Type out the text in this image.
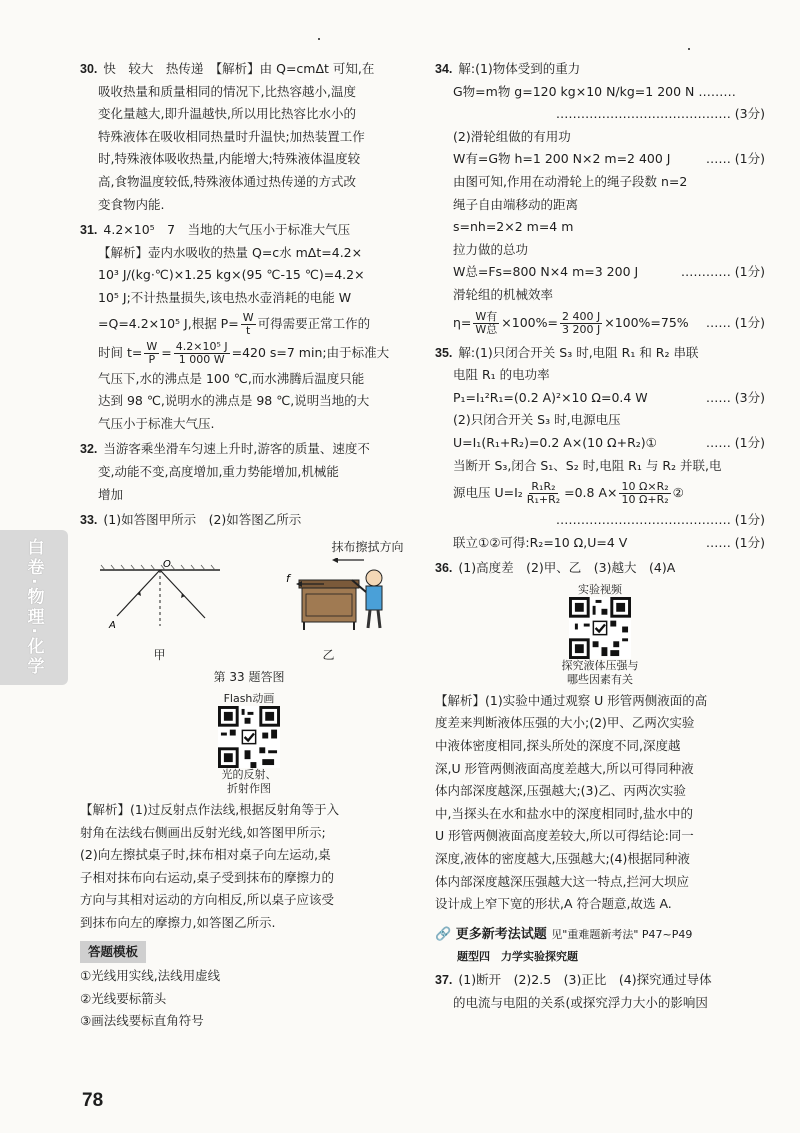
30. 快　较大　热传递　【解析】由 Q=cmΔt 可知,在

吸收热量和质量相同的情况下,比热容越小,温度

变化量越大,即升温越快,所以用比热容比水小的

特殊液体在吸收相同热量时升温快;加热装置工作

时,特殊液体吸收热量,内能增大;特殊液体温度较

高,食物温度较低,特殊液体通过热传递的方式改

变食物内能.

31. 4.2×10⁵　7　当地的大气压小于标准大气压

【解析】壶内水吸收的热量 Q=c水 mΔt=4.2×

10³ J/(kg·℃)×1.25 kg×(95 ℃-15 ℃)=4.2×

10⁵ J;不计热量损失,该电热水壶消耗的电能 W

=Q=4.2×10⁵ J,根据 $P= \frac{W}{t}$ 可得需要正常工作的

时间 $t= \frac{W}{P} = \frac{\text{4.2×10⁵ J}}{1 000 W} =420$ s=7 min;由于标准大

气压下,水的沸点是 100 ℃,而水沸腾后温度只能

达到 98 ℃,说明水的沸点是 98 ℃,说明当地的大

气压小于标准大气压.

32. 当游客乘坐滑车匀速上升时,游客的质量、速度不

变,动能不变,高度增加,重力势能增加,机械能

增加

33. (1)如答图甲所示　(2)如答图乙所示

O
A
甲
抹布擦拭方向
f
乙
第 33 题答图
Flash动画
光的反射、
折射作图

【解析】(1)过反射点作法线,根据反射角等于入

射角在法线右侧画出反射光线,如答图甲所示;

(2)向左擦拭桌子时,抹布相对桌子向左运动,桌

子相对抹布向右运动,桌子受到抹布的摩擦力的

方向与其相对运动的方向相反,所以桌子应该受

到抹布向左的摩擦力,如答图乙所示.

答题模板

①光线用实线,法线用虚线

②光线要标箭头

③画法线要标直角符号

34. 解:(1)物体受到的重力

G物=m物 g=120 kg×10 N/kg=1 200 N ………

…………………………………… (3分)

(2)滑轮组做的有用功

W有=G物 h=1 200 N×2 m=2 400 J	…… (1分)

由图可知,作用在动滑轮上的绳子段数 n=2

绳子自由端移动的距离

s=nh=2×2 m=4 m

拉力做的总功

W总=Fs=800 N×4 m=3 200 J	………… (1分)

滑轮组的机械效率

$\eta= \frac{\text{W有}}{\text{W总}} \times 100\%= \frac{2 400 J}{3 200 J} \times 100\%=75\%$ …… (1分)

35. 解:(1)只闭合开关 S₃ 时,电阻 R₁ 和 R₂ 串联

电阻 R₁ 的电功率

P₁=I₁²R₁=(0.2 A)²×10 Ω=0.4 W	…… (3分)

(2)只闭合开关 S₃ 时,电源电压

U=I₁(R₁+R₂)=0.2 A×(10 Ω+R₂)①	…… (1分)

当断开 S₃,闭合 S₁、S₂ 时,电阻 R₁ 与 R₂ 并联,电

源电压 $U=I_2 \frac{\text{R₁R₂}}{\text{R₁+R₂}} =0.8$ $A\times \frac{\text{10 Ω×R₂}}{\text{10 Ω+R₂}}$ ②

…………………………………… (1分)

联立①②可得:R₂=10 Ω,U=4 V	…… (1分)

36. (1)高度差　(2)甲、乙　(3)越大　(4)A

实验视频
探究液体压强与
哪些因素有关

【解析】(1)实验中通过观察 U 形管两侧液面的高

度差来判断液体压强的大小;(2)甲、乙两次实验

中液体密度相同,探头所处的深度不同,深度越

深,U 形管两侧液面高度差越大,所以可得同种液

体内部深度越深,压强越大;(3)乙、丙两次实验

中,当探头在水和盐水中的深度相同时,盐水中的

U 形管两侧液面高度差较大,所以可得结论:同一

深度,液体的密度越大,压强越大;(4)根据同种液

体内部深度越深压强越大这一特点,拦河大坝应

设计成上窄下宽的形状,A 符合题意,故选 A.

🔗 更多新考法试题 见"重难题新考法" P47~P49

题型四　力学实验探究题

37. (1)断开　(2)2.5　(3)正比　(4)探究通过导体

的电流与电阻的关系(或探究浮力大小的影响因

白卷·物理·化学
78
